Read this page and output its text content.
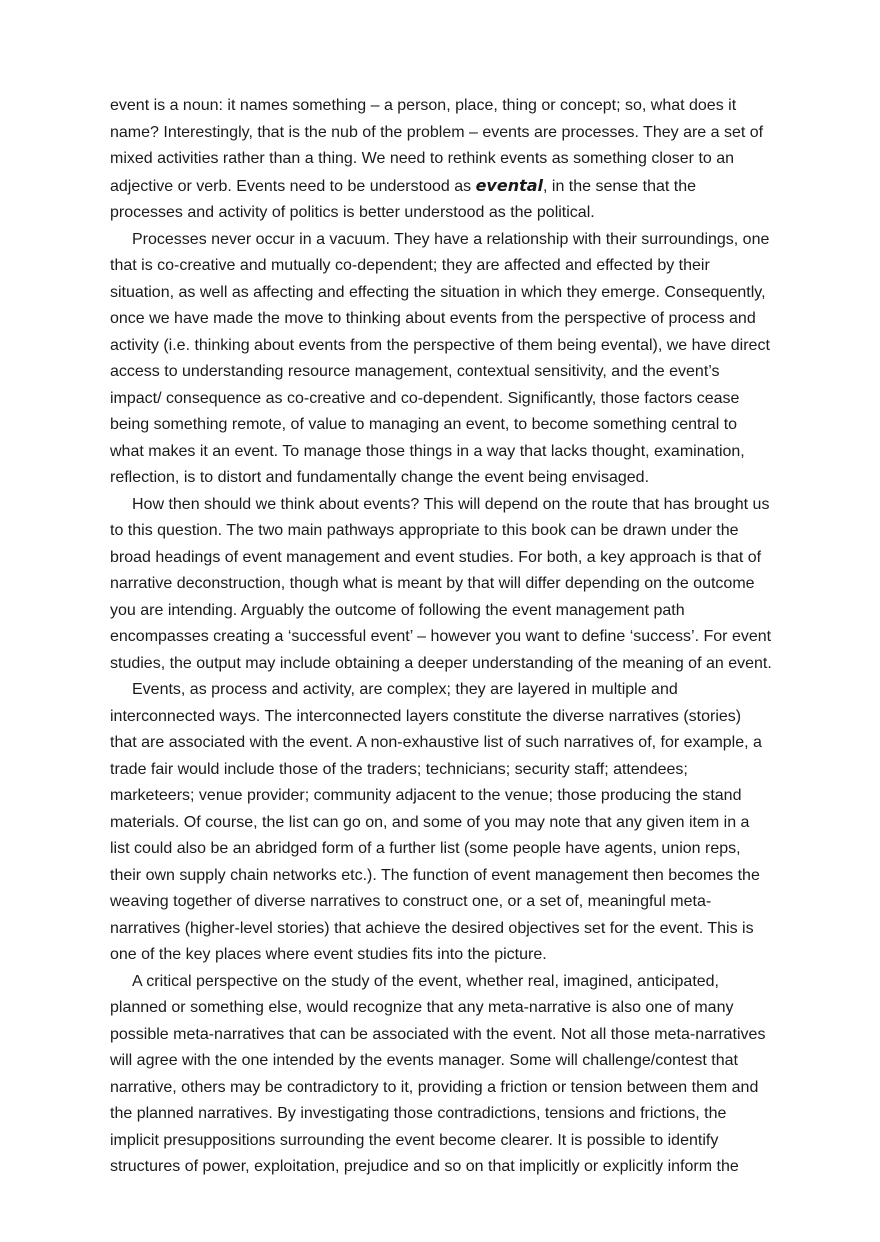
event is a noun: it names something – a person, place, thing or concept; so, what does it name? Interestingly, that is the nub of the problem – events are processes. They are a set of mixed activities rather than a thing. We need to rethink events as something closer to an adjective or verb. Events need to be understood as evental, in the sense that the processes and activity of politics is better understood as the political.

Processes never occur in a vacuum. They have a relationship with their surroundings, one that is co-creative and mutually co-dependent; they are affected and effected by their situation, as well as affecting and effecting the situation in which they emerge. Consequently, once we have made the move to thinking about events from the perspective of process and activity (i.e. thinking about events from the perspective of them being evental), we have direct access to understanding resource management, contextual sensitivity, and the event’s impact/ consequence as co-creative and co-dependent. Significantly, those factors cease being something remote, of value to managing an event, to become something central to what makes it an event. To manage those things in a way that lacks thought, examination, reflection, is to distort and fundamentally change the event being envisaged.

How then should we think about events? This will depend on the route that has brought us to this question. The two main pathways appropriate to this book can be drawn under the broad headings of event management and event studies. For both, a key approach is that of narrative deconstruction, though what is meant by that will differ depending on the outcome you are intending. Arguably the outcome of following the event management path encompasses creating a ‘successful event’ – however you want to define ‘success’. For event studies, the output may include obtaining a deeper understanding of the meaning of an event.

Events, as process and activity, are complex; they are layered in multiple and interconnected ways. The interconnected layers constitute the diverse narratives (stories) that are associated with the event. A non-exhaustive list of such narratives of, for example, a trade fair would include those of the traders; technicians; security staff; attendees; marketeers; venue provider; community adjacent to the venue; those producing the stand materials. Of course, the list can go on, and some of you may note that any given item in a list could also be an abridged form of a further list (some people have agents, union reps, their own supply chain networks etc.). The function of event management then becomes the weaving together of diverse narratives to construct one, or a set of, meaningful meta-narratives (higher-level stories) that achieve the desired objectives set for the event. This is one of the key places where event studies fits into the picture.

A critical perspective on the study of the event, whether real, imagined, anticipated, planned or something else, would recognize that any meta-narrative is also one of many possible meta-narratives that can be associated with the event. Not all those meta-narratives will agree with the one intended by the events manager. Some will challenge/contest that narrative, others may be contradictory to it, providing a friction or tension between them and the planned narratives. By investigating those contradictions, tensions and frictions, the implicit presuppositions surrounding the event become clearer. It is possible to identify structures of power, exploitation, prejudice and so on that implicitly or explicitly inform the
